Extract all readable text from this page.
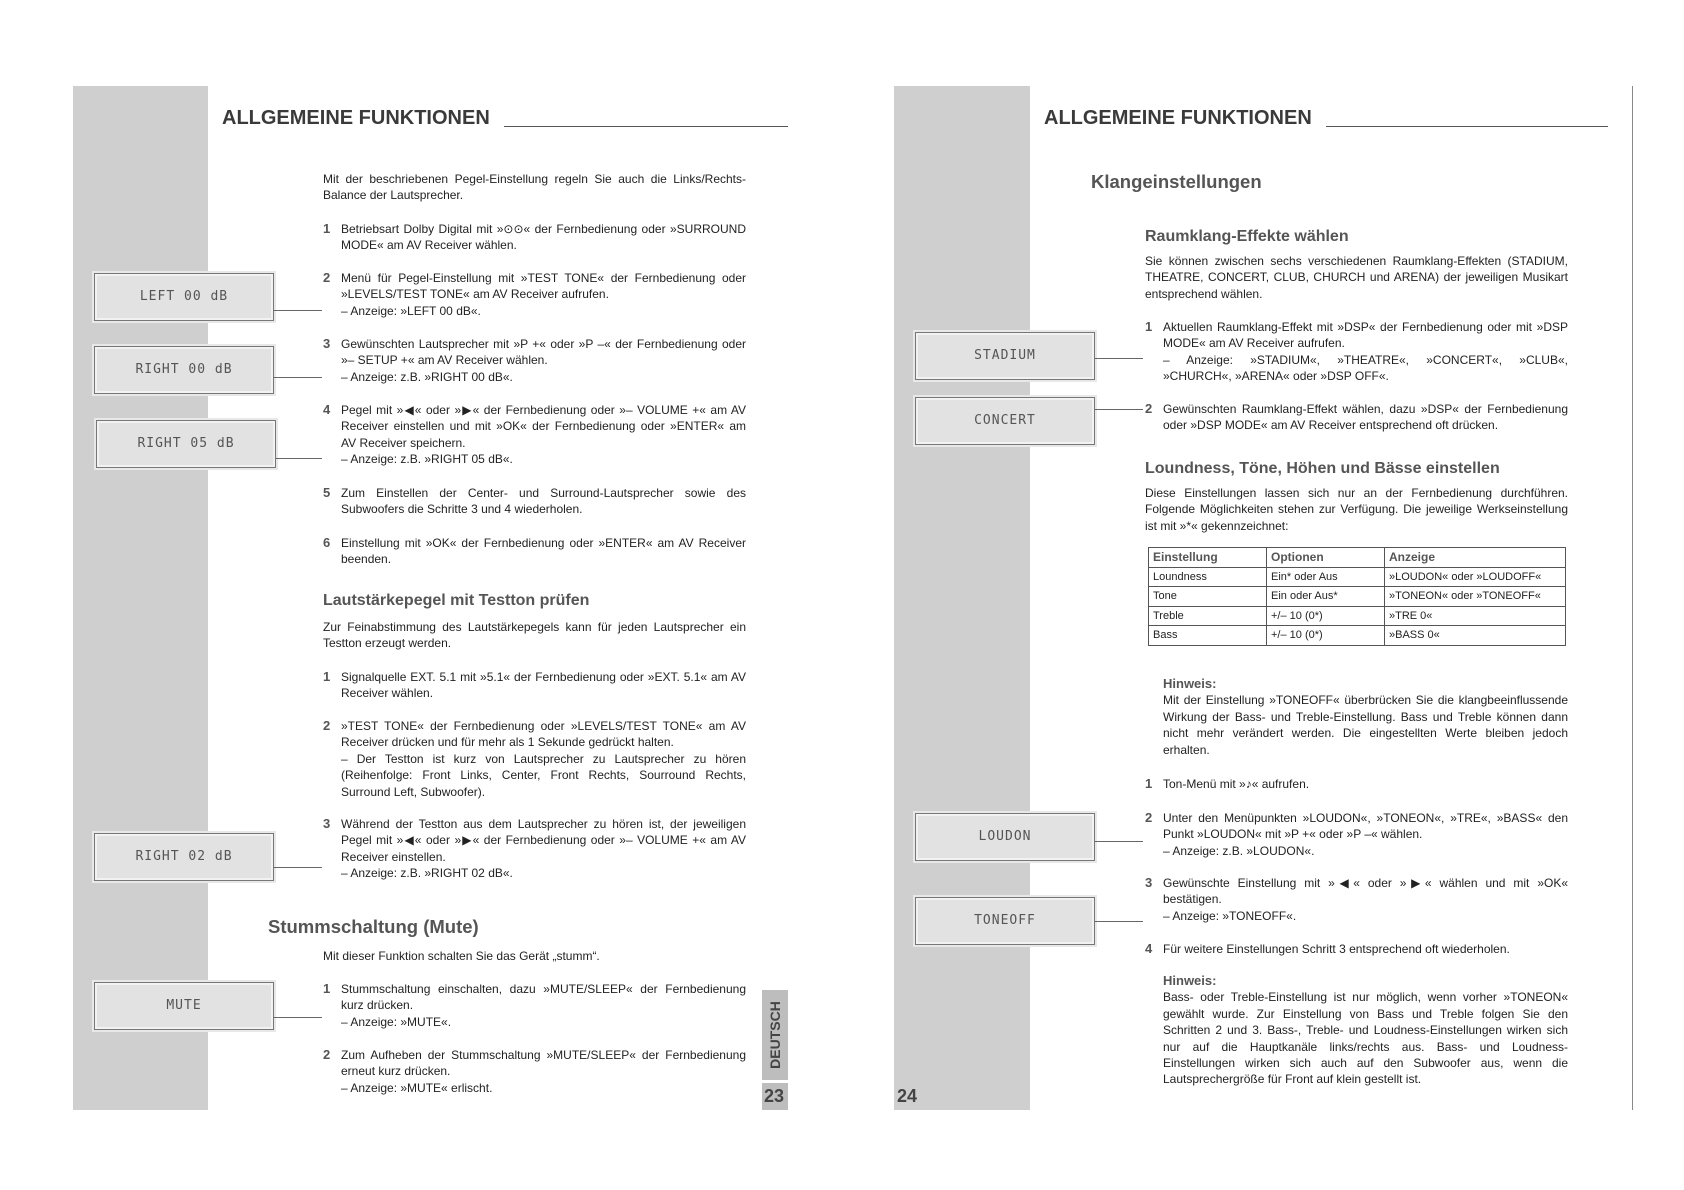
ALLGEMEINE FUNKTIONEN
Mit der beschriebenen Pegel-Einstellung regeln Sie auch die Links/Rechts-Balance der Lautsprecher.
1 Betriebsart Dolby Digital mit »⊙⊙« der Fernbedienung oder »SURROUND MODE« am AV Receiver wählen.
2 Menü für Pegel-Einstellung mit »TEST TONE« der Fernbedienung oder »LEVELS/TEST TONE« am AV Receiver aufrufen.
– Anzeige: »LEFT 00 dB«.
3 Gewünschten Lautsprecher mit »P +« oder »P –« der Fernbedienung oder »– SETUP +« am AV Receiver wählen.
– Anzeige: z.B. »RIGHT 00 dB«.
4 Pegel mit »◀« oder »▶« der Fernbedienung oder »– VOLUME +« am AV Receiver einstellen und mit »OK« der Fernbedienung oder »ENTER« am AV Receiver speichern.
– Anzeige: z.B. »RIGHT 05 dB«.
5 Zum Einstellen der Center- und Surround-Lautsprecher sowie des Subwoofers die Schritte 3 und 4 wiederholen.
6 Einstellung mit »OK« der Fernbedienung oder »ENTER« am AV Receiver beenden.
Lautstärkepegel mit Testton prüfen
Zur Feinabstimmung des Lautstärkepegels kann für jeden Lautsprecher ein Testton erzeugt werden.
1 Signalquelle EXT. 5.1 mit »5.1« der Fernbedienung oder »EXT. 5.1« am AV Receiver wählen.
2 »TEST TONE« der Fernbedienung oder »LEVELS/TEST TONE« am AV Receiver drücken und für mehr als 1 Sekunde gedrückt halten.
– Der Testton ist kurz von Lautsprecher zu Lautsprecher zu hören (Reihenfolge: Front Links, Center, Front Rechts, Sourround Rechts, Surround Left, Subwoofer).
3 Während der Testton aus dem Lautsprecher zu hören ist, der jeweiligen Pegel mit »◀« oder »▶« der Fernbedienung oder »– VOLUME +« am AV Receiver einstellen.
– Anzeige: z.B. »RIGHT 02 dB«.
Stummschaltung (Mute)
Mit dieser Funktion schalten Sie das Gerät „stumm“.
1 Stummschaltung einschalten, dazu »MUTE/SLEEP« der Fernbedienung kurz drücken.
– Anzeige: »MUTE«.
2 Zum Aufheben der Stummschaltung »MUTE/SLEEP« der Fernbedienung erneut kurz drücken.
– Anzeige: »MUTE« erlischt.
LEFT 00 dB
RIGHT 00 dB
RIGHT 05 dB
RIGHT 02 dB
MUTE	DEUTSCH
23
ALLGEMEINE FUNKTIONEN
Klangeinstellungen
Raumklang-Effekte wählen
Sie können zwischen sechs verschiedenen Raumklang-Effekten (STADIUM, THEATRE, CONCERT, CLUB, CHURCH und ARENA) der jeweiligen Musikart entsprechend wählen.
1 Aktuellen Raumklang-Effekt mit »DSP« der Fernbedienung oder mit »DSP MODE« am AV Receiver aufrufen.
– Anzeige: »STADIUM«, »THEATRE«, »CONCERT«, »CLUB«, »CHURCH«, »ARENA« oder »DSP OFF«.
2 Gewünschten Raumklang-Effekt wählen, dazu »DSP« der Fernbedienung oder »DSP MODE« am AV Receiver entsprechend oft drücken.
Loundness, Töne, Höhen und Bässe einstellen
Diese Einstellungen lassen sich nur an der Fernbedienung durchführen. Folgende Möglichkeiten stehen zur Verfügung. Die jeweilige Werkseinstellung ist mit »*« gekennzeichnet:
Einstellung	Optionen	Anzeige
Loundness	Ein* oder Aus	»LOUDON« oder »LOUDOFF«
Tone	Ein oder Aus*	»TONEON« oder »TONEOFF«
Treble	+/– 10 (0*)	»TRE 0«
Bass	+/– 10 (0*)	»BASS 0«
Hinweis:
Mit der Einstellung »TONEOFF« überbrücken Sie die klangbeeinflussende Wirkung der Bass- und Treble-Einstellung. Bass und Treble können dann nicht mehr verändert werden. Die eingestellten Werte bleiben jedoch erhalten.
1 Ton-Menü mit »♪« aufrufen.
2 Unter den Menüpunkten »LOUDON«, »TONEON«, »TRE«, »BASS« den Punkt »LOUDON« mit »P +« oder »P –« wählen.
– Anzeige: z.B. »LOUDON«.
3 Gewünschte Einstellung mit »◀« oder »▶« wählen und mit »OK« bestätigen.
– Anzeige: »TONEOFF«.
4 Für weitere Einstellungen Schritt 3 entsprechend oft wiederholen.
Hinweis:
Bass- oder Treble-Einstellung ist nur möglich, wenn vorher »TONEON« gewählt wurde. Zur Einstellung von Bass und Treble folgen Sie den Schritten 2 und 3. Bass-, Treble- und Loudness-Einstellungen wirken sich nur auf die Hauptkanäle links/rechts aus. Bass- und Loudness-Einstellungen wirken sich auch auf den Subwoofer aus, wenn die Lautsprechergröße für Front auf klein gestellt ist.
STADIUM
CONCERT
LOUDON
TONEOFF
24
